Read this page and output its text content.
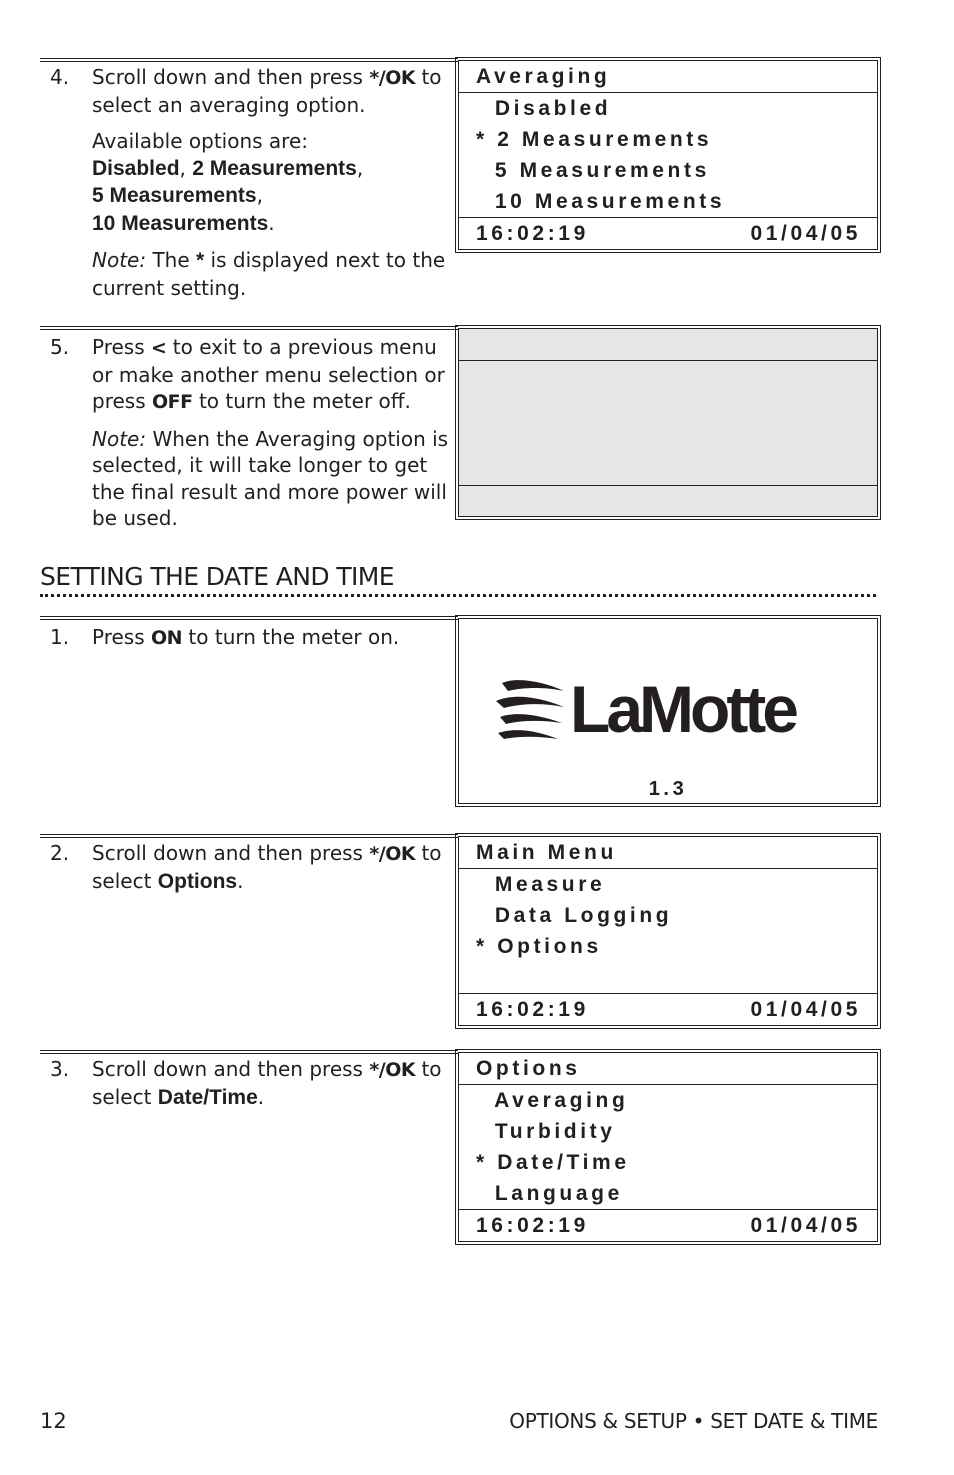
4. Scroll down and then press */OK to select an averaging option.

Available options are:
Disabled, 2 Measurements,
5 Measurements,
10 Measurements.

Note: The * is displayed next to the current setting.

Averaging
Disabled
* 2 Measurements
5 Measurements
10 Measurements
16:02:19	01/04/05
5. Press < to exit to a previous menu or make another menu selection or press OFF to turn the meter off.

Note: When the Averaging option is selected, it will take longer to get the final result and more power will be used.

SETTING THE DATE AND TIME
1. Press ON to turn the meter on.

LaMotte
1.3
2. Scroll down and then press */OK to select Options.

Main Menu
Measure
Data Logging
* Options

16:02:19	01/04/05
3. Scroll down and then press */OK to select Date/Time.

Options
Averaging
Turbidity
* Date/Time
Language
16:02:19	01/04/05
12	OPTIONS & SETUP • SET DATE & TIME
